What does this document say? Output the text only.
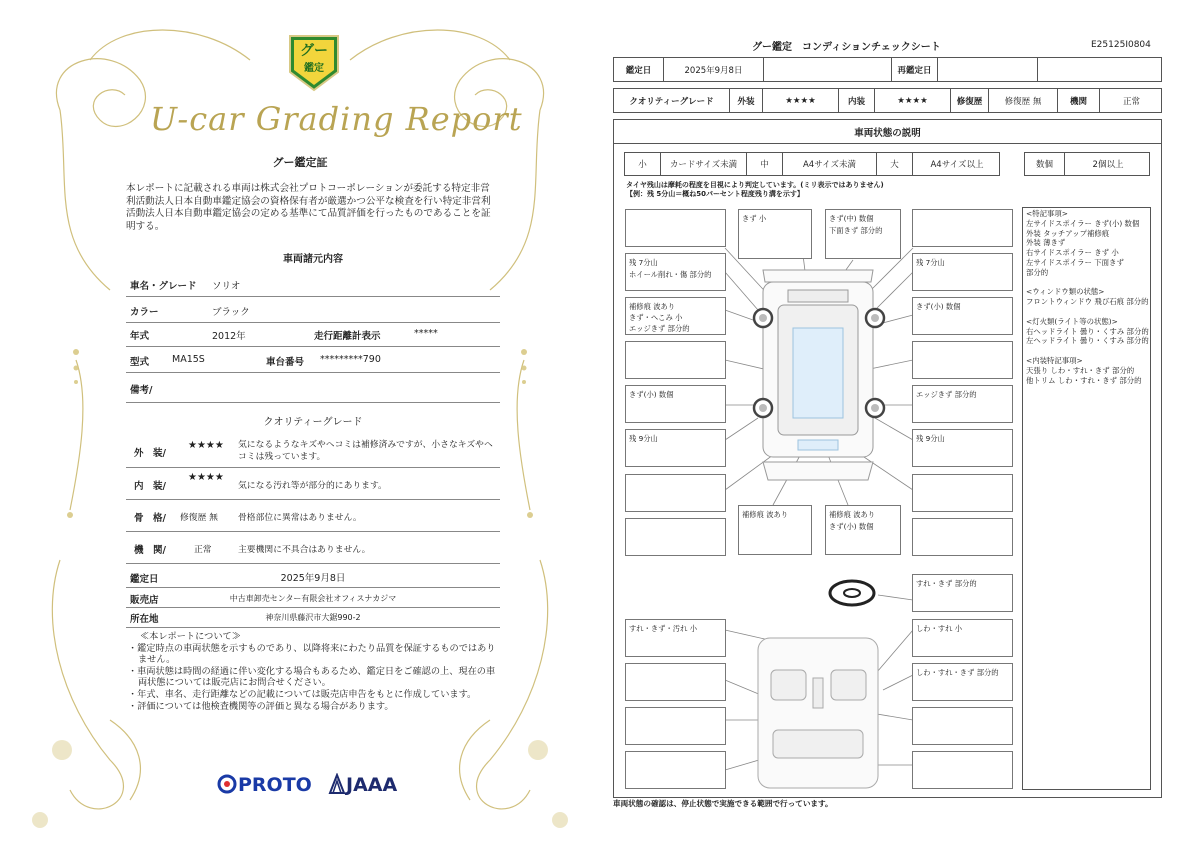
グー
鑑定
U-car Grading Report
グー鑑定証
本レポートに記載される車両は株式会社プロトコーポレーションが委託する特定非営利活動法人日本自動車鑑定協会の資格保有者が厳選かつ公平な検査を行い特定非営利活動法人日本自動車鑑定協会の定める基準にて品質評価を行ったものであることを証明する。
車両諸元内容
車名・グレード ソリオ
カラー	ブラック
年式	2012年	走行距離計表示	*****
型式 MA15S	車台番号 *********790
備考/
クオリティーグレード
外　装/
★★★★ 気になるようなキズやヘコミは補修済みですが、小さなキズやヘコミは残っています。
内　装/
★★★★
気になる汚れ等が部分的にあります。
骨　格/ 修復歴 無 骨格部位に異常はありません。
機　関/	正常	主要機関に不具合はありません。
鑑定日	2025年9月8日
販売店	中古車卸売センター有限会社オフィスナカジマ
所在地	神奈川県藤沢市大鋸990-2
≪本レポートについて≫
・鑑定時点の車両状態を示すものであり、以降将来にわたり品質を保証するものではありません。
・車両状態は時間の経過に伴い変化する場合もあるため、鑑定日をご確認の上、現在の車両状態については販売店にお問合せください。
・年式、車名、走行距離などの記載については販売店申告をもとに作成しています。
・評価については他検査機関等の評価と異なる場合があります。
PROTO	JAAA
グー鑑定　コンディションチェックシート	E25125I0804
鑑定日	2025年9月8日	再鑑定日
クオリティーグレード	外装	★★★★	内装	★★★★	修復歴	修復歴 無	機関	正常
車両状態の説明
小	カードサイズ未満	中	A4サイズ未満	大	A4サイズ以上	数個	2個以上
タイヤ残山は摩耗の程度を目視により判定しています。(ミリ表示ではありません)
【例：残 5分山＝概ね50パーセント程度残り溝を示す】
残 7分山
ホイール削れ・傷 部分的
補修痕 波あり
きず・へこみ 小
エッジきず 部分的
きず(小) 数個
残 9分山
きず 小	きず(中) 数個
下面きず 部分的
残 7分山
きず(小) 数個
エッジきず 部分的
残 9分山
補修痕 波あり	補修痕 波あり
きず(小) 数個
すれ・きず 部分的
すれ・きず・汚れ 小	しわ・すれ 小
しわ・すれ・きず 部分的
<特記事項>
左サイドスポイラー きず(小) 数個
外装 タッチアップ補修痕
外装 薄きず
右サイドスポイラー きず 小
左サイドスポイラー 下面きず
部分的

<ウィンドウ類の状態>
フロントウィンドウ 飛び石痕 部分的

<灯火類(ライト等の状態)>
右ヘッドライト 曇り・くすみ 部分的
左ヘッドライト 曇り・くすみ 部分的

<内装特記事項>
天張り しわ・すれ・きず 部分的
他トリム しわ・すれ・きず 部分的
車両状態の確認は、停止状態で実施できる範囲で行っています。
